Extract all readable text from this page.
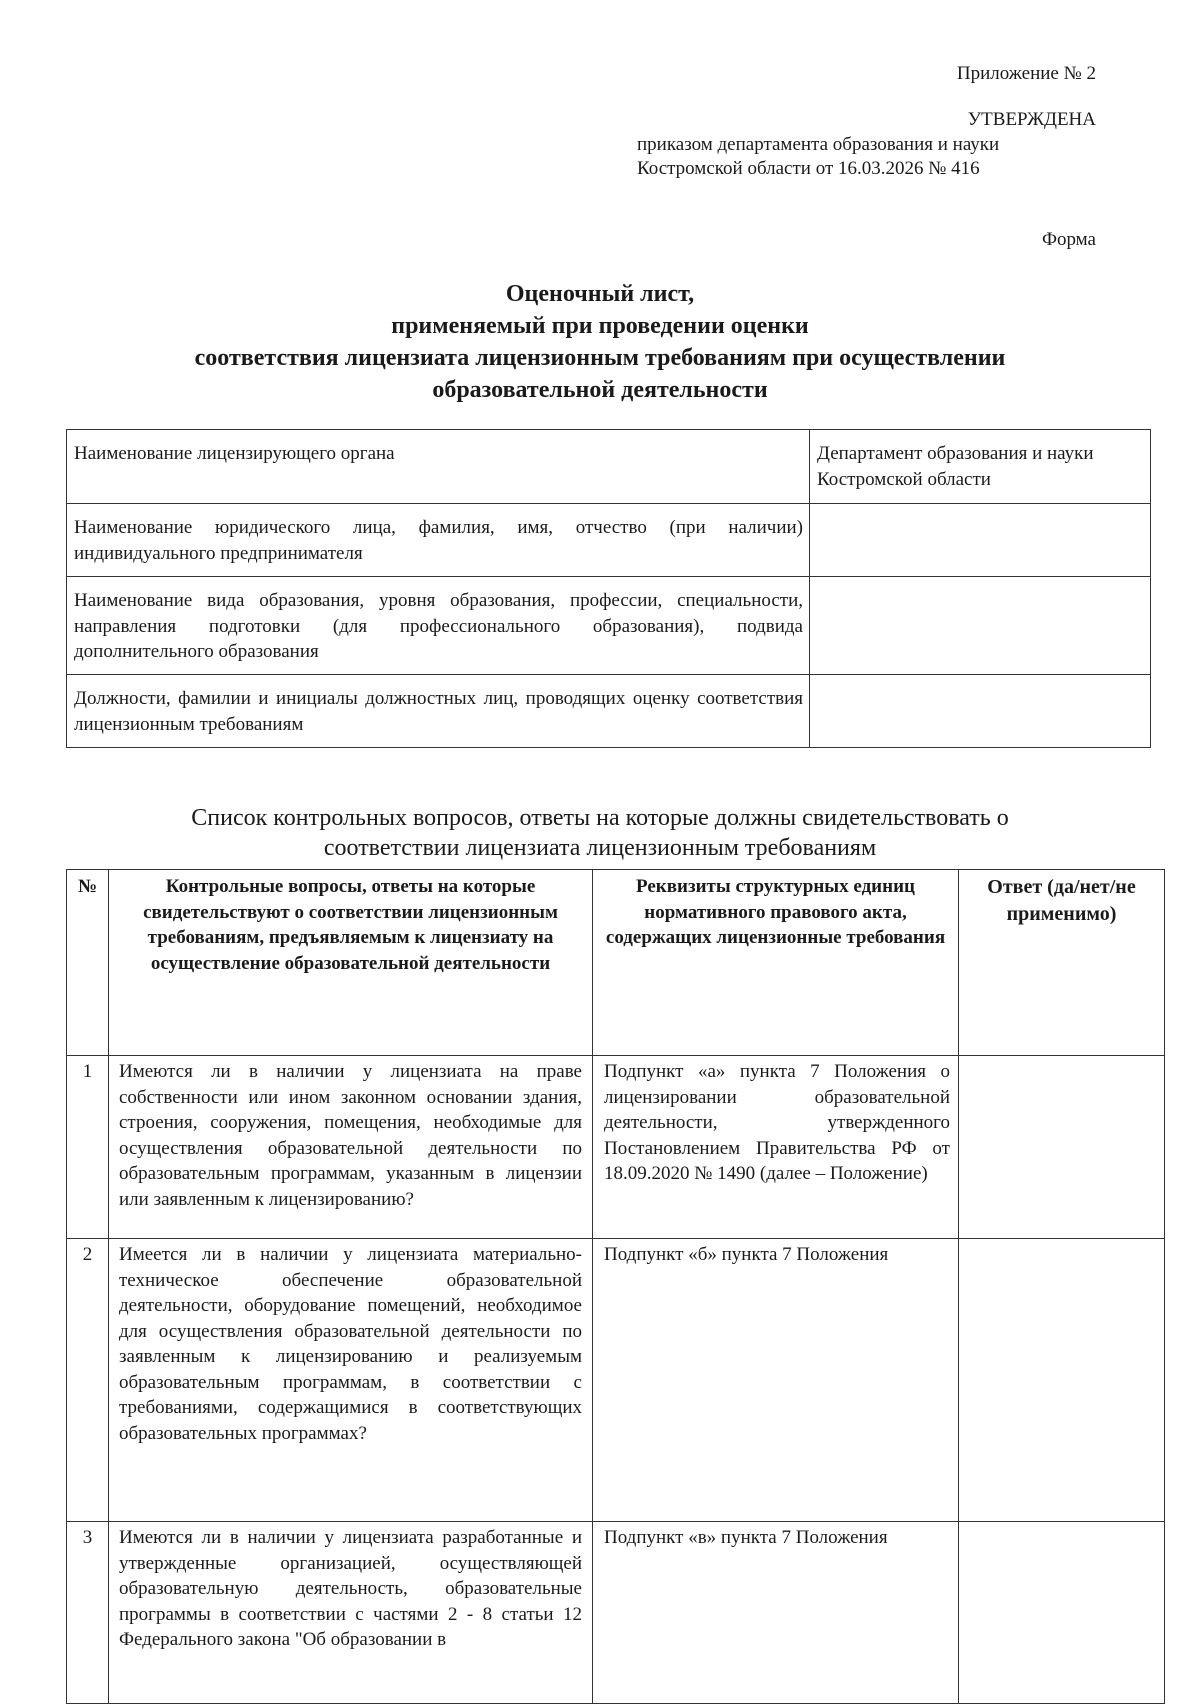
Приложение № 2
УТВЕРЖДЕНА
приказом департамента образования и науки
Костромской области от 16.03.2026 № 416
Форма
Оценочный лист,
применяемый при проведении оценки
соответствия лицензиата лицензионным требованиям при осуществлении
образовательной деятельности
Наименование лицензирующего органа	Департамент образования и науки Костромской области
Наименование юридического лица, фамилия, имя, отчество (при наличии) индивидуального предпринимателя	
Наименование вида образования, уровня образования, профессии, специальности, направления подготовки (для профессионального образования), подвида дополнительного образования	
Должности, фамилии и инициалы должностных лиц, проводящих оценку соответствия лицензионным требованиям	
Список контрольных вопросов, ответы на которые должны свидетельствовать о
соответствии лицензиата лицензионным требованиям
№	Контрольные вопросы, ответы на которые свидетельствуют о соответствии лицензионным требованиям, предъявляемым к лицензиату на осуществление образовательной деятельности	Реквизиты структурных единиц нормативного правового акта, содержащих лицензионные требования	Ответ (да/нет/не применимо)
1	Имеются ли в наличии у лицензиата на праве собственности или ином законном основании здания, строения, сооружения, помещения, необходимые для осуществления образовательной деятельности по образовательным программам, указанным в лицензии или заявленным к лицензированию?	Подпункт «а» пункта 7 Положения о лицензировании образовательной деятельности, утвержденного Постановлением Правительства РФ от 18.09.2020 № 1490 (далее – Положение)	
2	Имеется ли в наличии у лицензиата материально-техническое обеспечение образовательной деятельности, оборудование помещений, необходимое для осуществления образовательной деятельности по заявленным к лицензированию и реализуемым образовательным программам, в соответствии с требованиями, содержащимися в соответствующих образовательных программах?	Подпункт «б» пункта 7 Положения	
3	Имеются ли в наличии у лицензиата разработанные и утвержденные организацией, осуществляющей образовательную деятельность, образовательные программы в соответствии с частями 2 - 8 статьи 12 Федерального закона "Об образовании в	Подпункт «в» пункта 7 Положения	
